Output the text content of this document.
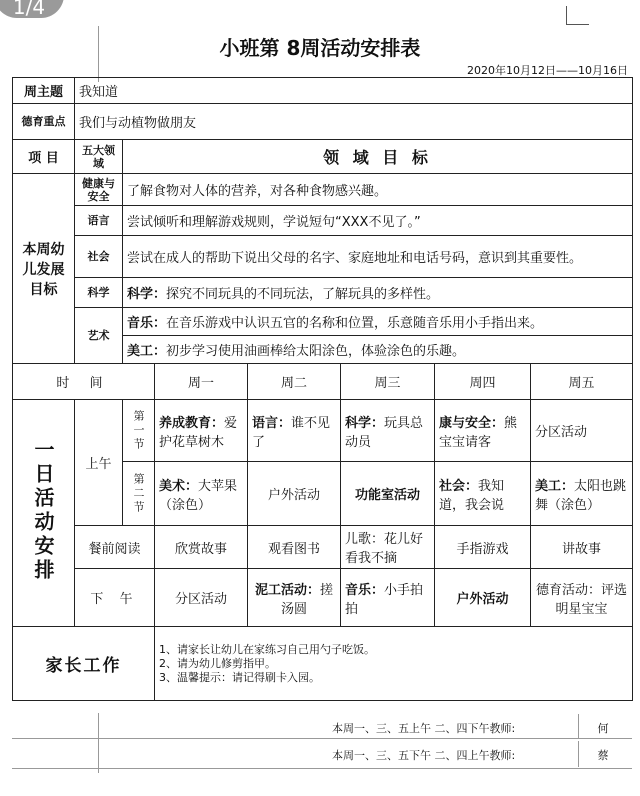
1/4
小班第 8周活动安排表
2020年10月12日——10月16日
周主题	我知道						
德育重点	我们与动植物做朋友						
项 目	五大领域	领 域 目 标					
本周幼儿发展目标	健康与安全	了解食物对人体的营养，对各种食物感兴趣。					
	语言	尝试倾听和理解游戏规则，学说短句“XXX不见了。”					
	社会	尝试在成人的帮助下说出父母的名字、家庭地址和电话号码，意识到其重要性。					
	科学	科学：探究不同玩具的不同玩法，了解玩具的多样性。					
	艺术	音乐：在音乐游戏中认识五官的名称和位置，乐意随音乐用小手指出来。					
		美工：初步学习使用油画棒给太阳涂色，体验涂色的乐趣。					
时 间			周一	周二	周三	周四	周五
一日活动安排	上午	第一节	养成教育：爱护花草树木	语言：谁不见了	科学：玩具总动员	康与安全：熊宝宝请客	分区活动
		第二节	美术：大苹果（涂色）	户外活动	功能室活动	社会：我知道，我会说	美工：太阳也跳舞（涂色）
	餐前阅读		欣赏故事	观看图书	儿歌：花儿好看我不摘	手指游戏	讲故事
	下 午		分区活动	泥工活动：搓汤圆	音乐：小手拍拍	户外活动	德育活动：评选明星宝宝
家长工作			1、请家长让幼儿在家练习自己用勺子吃饭。
2、请为幼儿修剪指甲。
3、温馨提示：请记得刷卡入园。				
本周一、三、五上午 二、四下午教师:	何
本周一、三、五下午 二、四上午教师:	蔡
